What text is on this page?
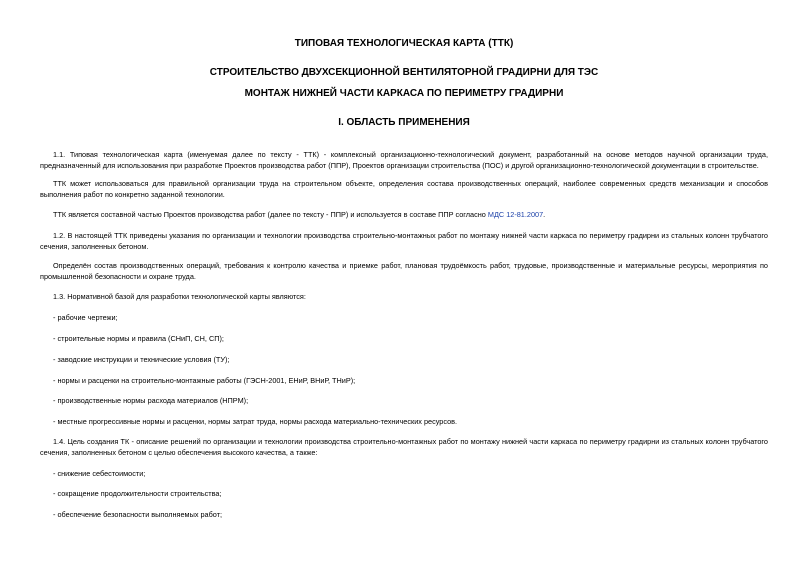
ТИПОВАЯ ТЕХНОЛОГИЧЕСКАЯ КАРТА (ТТК)
СТРОИТЕЛЬСТВО ДВУХСЕКЦИОННОЙ ВЕНТИЛЯТОРНОЙ ГРАДИРНИ ДЛЯ ТЭС
МОНТАЖ НИЖНЕЙ ЧАСТИ КАРКАСА ПО ПЕРИМЕТРУ ГРАДИРНИ
I. ОБЛАСТЬ ПРИМЕНЕНИЯ
1.1. Типовая технологическая карта (именуемая далее по тексту - ТТК) - комплексный организационно-технологический документ, разработанный на основе методов научной организации труда, предназначенный для использования при разработке Проектов производства работ (ППР), Проектов организации строительства (ПОС) и другой организационно-технологической документации в строительстве.
ТТК может использоваться для правильной организации труда на строительном объекте, определения состава производственных операций, наиболее современных средств механизации и способов выполнения работ по конкретно заданной технологии.
ТТК является составной частью Проектов производства работ (далее по тексту - ППР) и используется в составе ППР согласно МДС 12-81.2007.
1.2. В настоящей ТТК приведены указания по организации и технологии производства строительно-монтажных работ по монтажу нижней части каркаса по периметру градирни из стальных колонн трубчатого сечения, заполненных бетоном.
Определён состав производственных операций, требования к контролю качества и приемке работ, плановая трудоёмкость работ, трудовые, производственные и материальные ресурсы, мероприятия по промышленной безопасности и охране труда.
1.3. Нормативной базой для разработки технологической карты являются:
- рабочие чертежи;
- строительные нормы и правила (СНиП, СН, СП);
- заводские инструкции и технические условия (ТУ);
- нормы и расценки на строительно-монтажные работы (ГЭСН-2001, ЕНиР, ВНиР, ТНиР);
- производственные нормы расхода материалов (НПРМ);
- местные прогрессивные нормы и расценки, нормы затрат труда, нормы расхода материально-технических ресурсов.
1.4. Цель создания ТК - описание решений по организации и технологии производства строительно-монтажных работ по монтажу нижней части каркаса по периметру градирни из стальных колонн трубчатого сечения, заполненных бетоном с целью обеспечения высокого качества, а также:
- снижение себестоимости;
- сокращение продолжительности строительства;
- обеспечение безопасности выполняемых работ;
